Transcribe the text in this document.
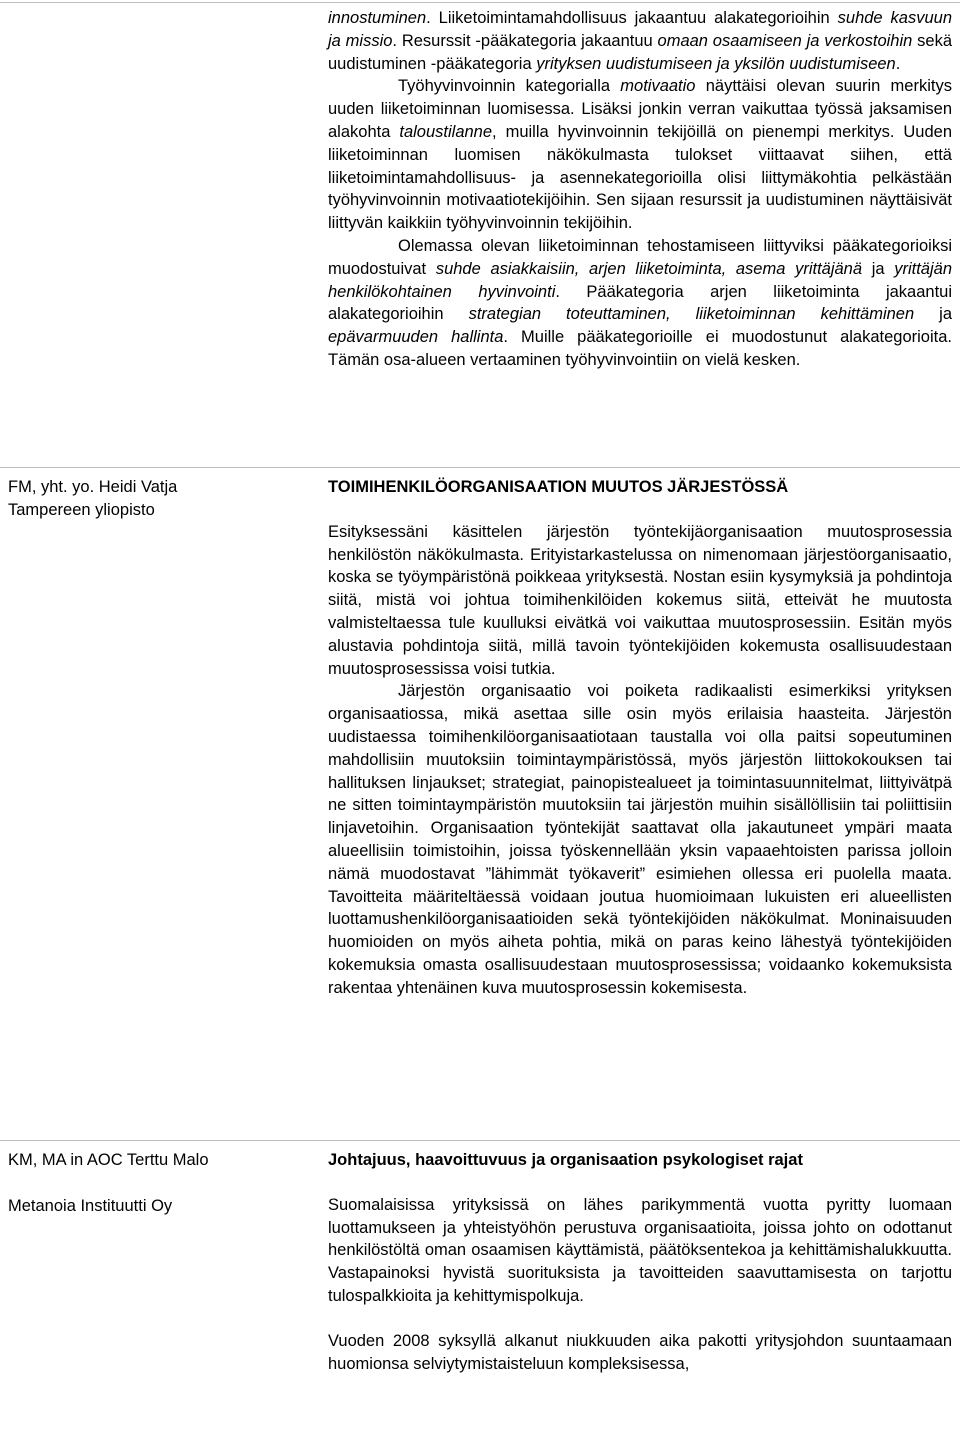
innostuminen. Liiketoimintamahdollisuus jakaantuu alakategorioihin suhde kasvuun ja missio. Resurssit -pääkategoria jakaantuu omaan osaamiseen ja verkostoihin sekä uudistuminen -pääkategoria yrityksen uudistumiseen ja yksilön uudistumiseen.

Työhyvinvoinnin kategorialla motivaatio näyttäisi olevan suurin merkitys uuden liiketoiminnan luomisessa. Lisäksi jonkin verran vaikuttaa työssä jaksamisen alakohta taloustilanne, muilla hyvinvoinnin tekijöillä on pienempi merkitys. Uuden liiketoiminnan luomisen näkökulmasta tulokset viittaavat siihen, että liiketoimintamahdollisuus- ja asennekategorioilla olisi liittymäkohtia pelkästään työhyvinvoinnin motivaatiotekijöihin. Sen sijaan resurssit ja uudistuminen näyttäisivät liittyvän kaikkiin työhyvinvoinnin tekijöihin.

Olemassa olevan liiketoiminnan tehostamiseen liittyviksi pääkategorioiksi muodostuivat suhde asiakkaisiin, arjen liiketoiminta, asema yrittäjänä ja yrittäjän henkilökohtainen hyvinvointi. Pääkategoria arjen liiketoiminta jakaantui alakategorioihin strategian toteuttaminen, liiketoiminnan kehittäminen ja epävarmuuden hallinta. Muille pääkategorioille ei muodostunut alakategorioita. Tämän osa-alueen vertaaminen työhyvinvointiin on vielä kesken.

FM, yht. yo. Heidi Vatja
Tampereen yliopisto
TOIMIHENKILÖORGANISAATION MUUTOS JÄRJESTÖSSÄ

Esityksessäni käsittelen järjestön työntekijäorganisaation muutosprosessia henkilöstön näkökulmasta. Erityistarkastelussa on nimenomaan järjestöorganisaatio, koska se työympäristönä poikkeaa yrityksestä. Nostan esiin kysymyksiä ja pohdintoja siitä, mistä voi johtua toimihenkilöiden kokemus siitä, etteivät he muutosta valmisteltaessa tule kuulluksi eivätkä voi vaikuttaa muutosprosessiin. Esitän myös alustavia pohdintoja siitä, millä tavoin työntekijöiden kokemusta osallisuudestaan muutosprosessissa voisi tutkia.

Järjestön organisaatio voi poiketa radikaalisti esimerkiksi yrityksen organisaatiossa, mikä asettaa sille osin myös erilaisia haasteita. Järjestön uudistaessa toimihenkilöorganisaatiotaan taustalla voi olla paitsi sopeutuminen mahdollisiin muutoksiin toimintaympäristössä, myös järjestön liittokokouksen tai hallituksen linjaukset; strategiat, painopistealueet ja toimintasuunnitelmat, liittyivätpä ne sitten toimintaympäristön muutoksiin tai järjestön muihin sisällöllisiin tai poliittisiin linjavetoihin. Organisaation työntekijät saattavat olla jakautuneet ympäri maata alueellisiin toimistoihin, joissa työskennellään yksin vapaaehtoisten parissa jolloin nämä muodostavat ”lähimmät työkaverit” esimiehen ollessa eri puolella maata. Tavoitteita määriteltäessä voidaan joutua huomioimaan lukuisten eri alueellisten luottamushenkilöorganisaatioiden sekä työntekijöiden näkökulmat. Moninaisuuden huomioiden on myös aiheta pohtia, mikä on paras keino lähestyä työntekijöiden kokemuksia omasta osallisuudestaan muutosprosessissa; voidaanko kokemuksista rakentaa yhtenäinen kuva muutosprosessin kokemisesta.

KM, MA in AOC Terttu Malo
Metanoia Instituutti Oy
Johtajuus, haavoittuvuus ja organisaation psykologiset rajat

Suomalaisissa yrityksissä on lähes parikymmentä vuotta pyritty luomaan luottamukseen ja yhteistyöhön perustuva organisaatioita, joissa johto on odottanut henkilöstöltä oman osaamisen käyttämistä, päätöksentekoa ja kehittämishalukkuutta. Vastapainoksi hyvistä suorituksista ja tavoitteiden saavuttamisesta on tarjottu tulospalkkioita ja kehittymispolkuja.

Vuoden 2008 syksyllä alkanut niukkuuden aika pakotti yritysjohdon suuntaamaan huomionsa selviytymistaisteluun kompleksisessa,
